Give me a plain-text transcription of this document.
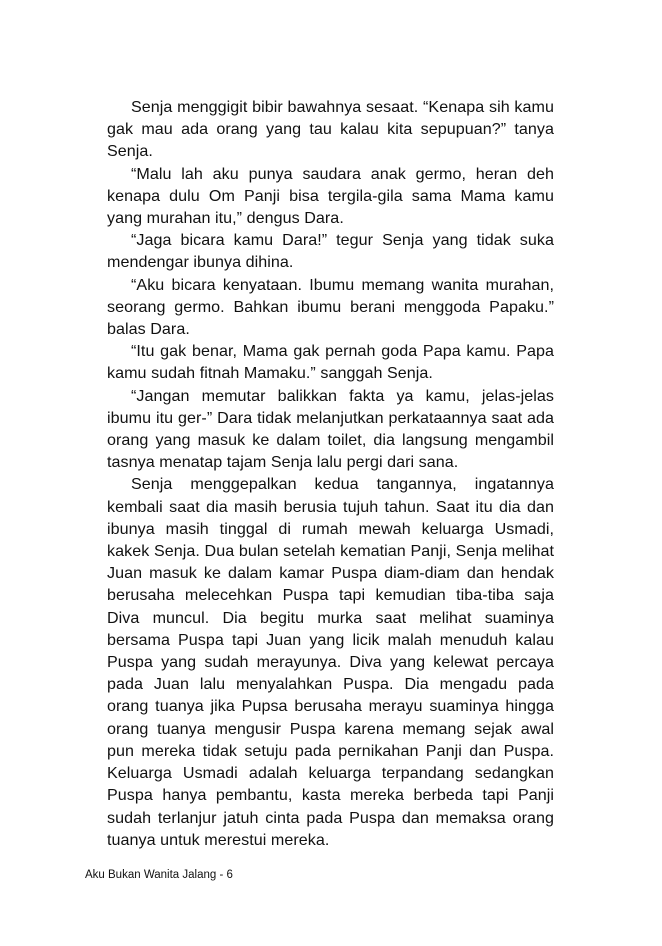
Senja menggigit bibir bawahnya sesaat. “Kenapa sih kamu gak mau ada orang yang tau kalau kita sepupuan?” tanya Senja.

“Malu lah aku punya saudara anak germo, heran deh kenapa dulu Om Panji bisa tergila-gila sama Mama kamu yang murahan itu,” dengus Dara.

“Jaga bicara kamu Dara!” tegur Senja yang tidak suka mendengar ibunya dihina.

“Aku bicara kenyataan. Ibumu memang wanita murahan, seorang germo. Bahkan ibumu berani menggoda Papaku.” balas Dara.

“Itu gak benar, Mama gak pernah goda Papa kamu. Papa kamu sudah fitnah Mamaku.” sanggah Senja.

“Jangan memutar balikkan fakta ya kamu, jelas-jelas ibumu itu ger-” Dara tidak melanjutkan perkataannya saat ada orang yang masuk ke dalam toilet, dia langsung mengambil tasnya menatap tajam Senja lalu pergi dari sana.

Senja menggepalkan kedua tangannya, ingatannya kembali saat dia masih berusia tujuh tahun. Saat itu dia dan ibunya masih tinggal di rumah mewah keluarga Usmadi, kakek Senja. Dua bulan setelah kematian Panji, Senja melihat Juan masuk ke dalam kamar Puspa diam-diam dan hendak berusaha melecehkan Puspa tapi kemudian tiba-tiba saja Diva muncul. Dia begitu murka saat melihat suaminya bersama Puspa tapi Juan yang licik malah menuduh kalau Puspa yang sudah merayunya. Diva yang kelewat percaya pada Juan lalu menyalahkan Puspa. Dia mengadu pada orang tuanya jika Pupsa berusaha merayu suaminya hingga orang tuanya mengusir Puspa karena memang sejak awal pun mereka tidak setuju pada pernikahan Panji dan Puspa. Keluarga Usmadi adalah keluarga terpandang sedangkan Puspa hanya pembantu, kasta mereka berbeda tapi Panji sudah terlanjur jatuh cinta pada Puspa dan memaksa orang tuanya untuk merestui mereka.

Aku Bukan Wanita Jalang - 6
